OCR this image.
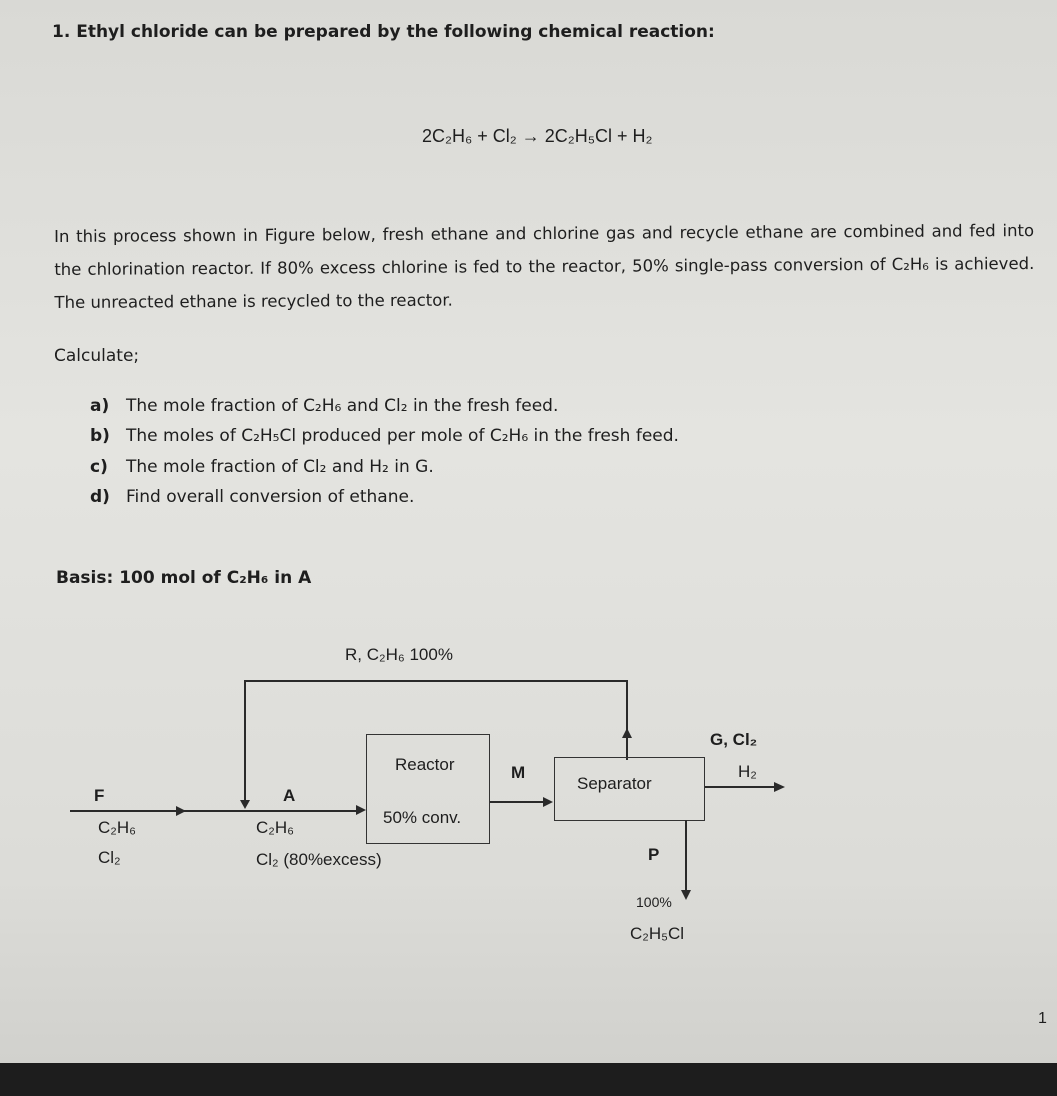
1. Ethyl chloride can be prepared by the following chemical reaction:
2C₂H₆ + Cl₂ → 2C₂H₅Cl + H₂
In this process shown in Figure below, fresh ethane and chlorine gas and recycle ethane are combined and fed into the chlorination reactor. If 80% excess chlorine is fed to the reactor, 50% single-pass conversion of C₂H₆ is achieved. The unreacted ethane is recycled to the reactor.
Calculate;
a) The mole fraction of C₂H₆ and Cl₂ in the fresh feed.
b) The moles of C₂H₅Cl produced per mole of C₂H₆ in the fresh feed.
c) The mole fraction of Cl₂ and H₂ in G.
d) Find overall conversion of ethane.
Basis: 100 mol of C₂H₆ in A
R, C₂H₆ 100%
F
C₂H₆
Cl₂
A
C₂H₆
Cl₂ (80%excess)
Reactor
50% conv.
M
Separator
G, Cl₂
H₂
P
100%
C₂H₅Cl
1
